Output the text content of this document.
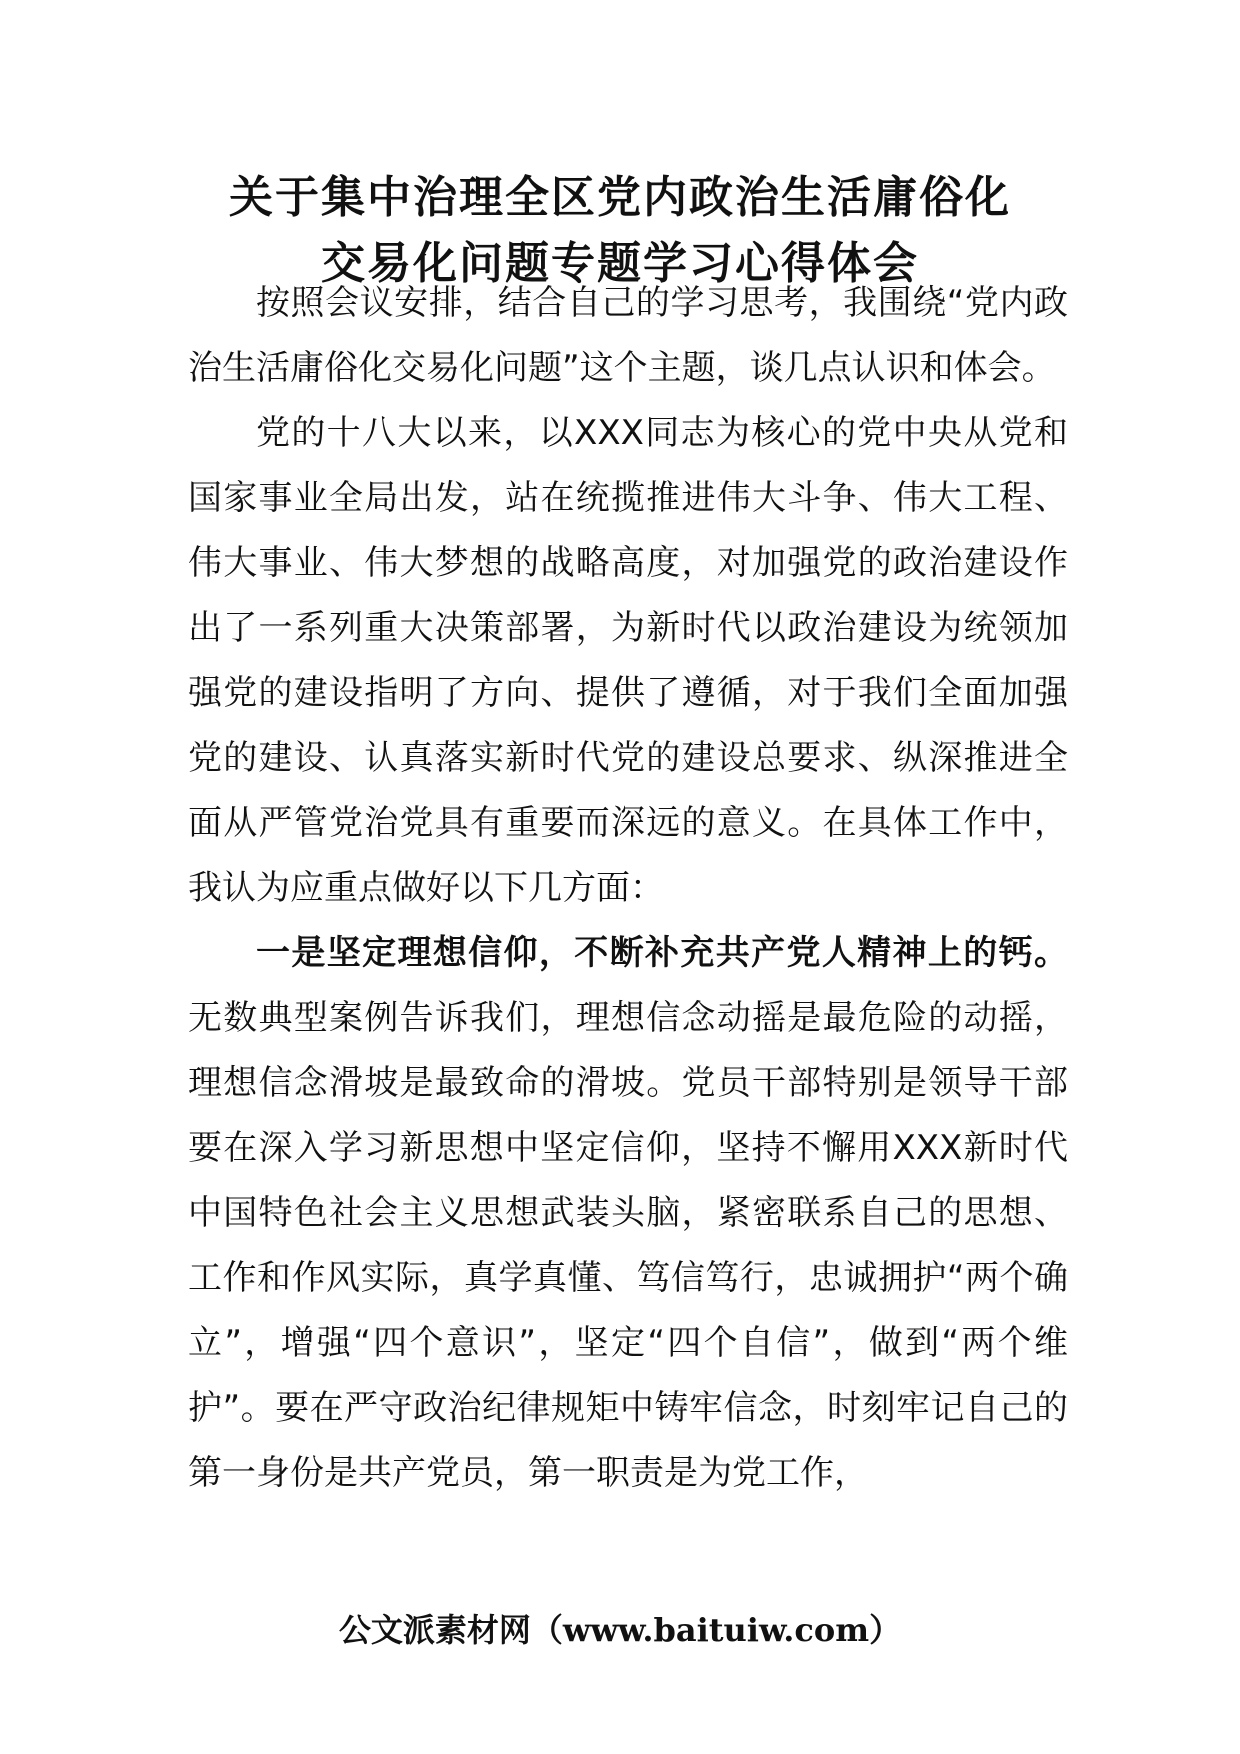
关于集中治理全区党内政治生活庸俗化
交易化问题专题学习心得体会

按照会议安排，结合自己的学习思考，我围绕“党内政治生活庸俗化交易化问题”这个主题，谈几点认识和体会。

党的十八大以来，以XXX同志为核心的党中央从党和国家事业全局出发，站在统揽推进伟大斗争、伟大工程、伟大事业、伟大梦想的战略高度，对加强党的政治建设作出了一系列重大决策部署，为新时代以政治建设为统领加强党的建设指明了方向、提供了遵循，对于我们全面加强党的建设、认真落实新时代党的建设总要求、纵深推进全面从严管党治党具有重要而深远的意义。在具体工作中，我认为应重点做好以下几方面：

一是坚定理想信仰，不断补充共产党人精神上的钙。无数典型案例告诉我们，理想信念动摇是最危险的动摇，理想信念滑坡是最致命的滑坡。党员干部特别是领导干部要在深入学习新思想中坚定信仰，坚持不懈用XXX新时代中国特色社会主义思想武装头脑，紧密联系自己的思想、工作和作风实际，真学真懂、笃信笃行，忠诚拥护“两个确立”，增强“四个意识”，坚定“四个自信”，做到“两个维护”。要在严守政治纪律规矩中铸牢信念，时刻牢记自己的第一身份是共产党员，第一职责是为党工作，

公文派素材网（www.baituiw.com）
